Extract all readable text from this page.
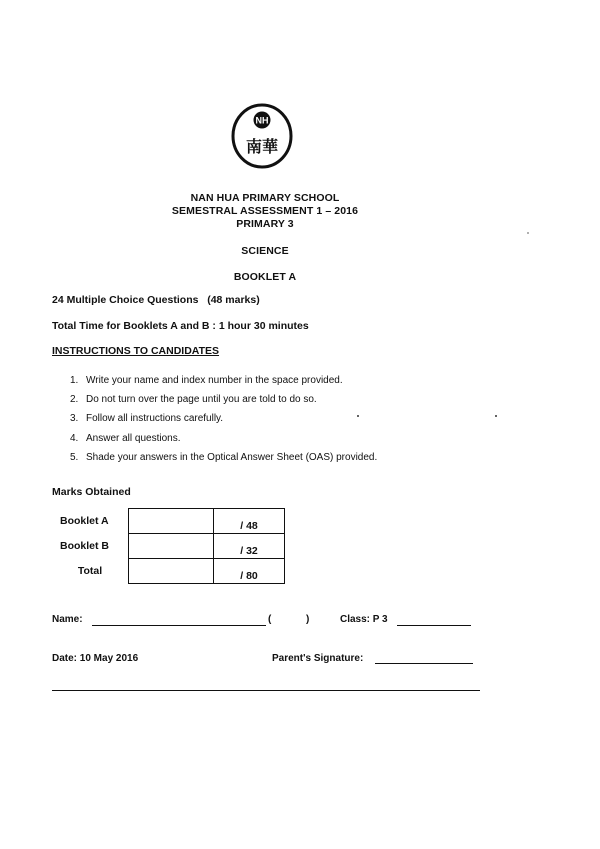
NH
南華
NAN HUA PRIMARY SCHOOL
SEMESTRAL ASSESSMENT 1 – 2016
PRIMARY 3
SCIENCE
BOOKLET A
24 Multiple Choice Questions   (48 marks)
Total Time for Booklets A and B : 1 hour 30 minutes
INSTRUCTIONS TO CANDIDATES
1. Write your name and index number in the space provided.
2. Do not turn over the page until you are told to do so.
3. Follow all instructions carefully.
4. Answer all questions.
5. Shade your answers in the Optical Answer Sheet (OAS) provided.
Marks Obtained
Booklet A		/ 48
Booklet B		/ 32
Total		/ 80
Name:	(	)	Class: P 3
Date: 10 May 2016	Parent's Signature:
